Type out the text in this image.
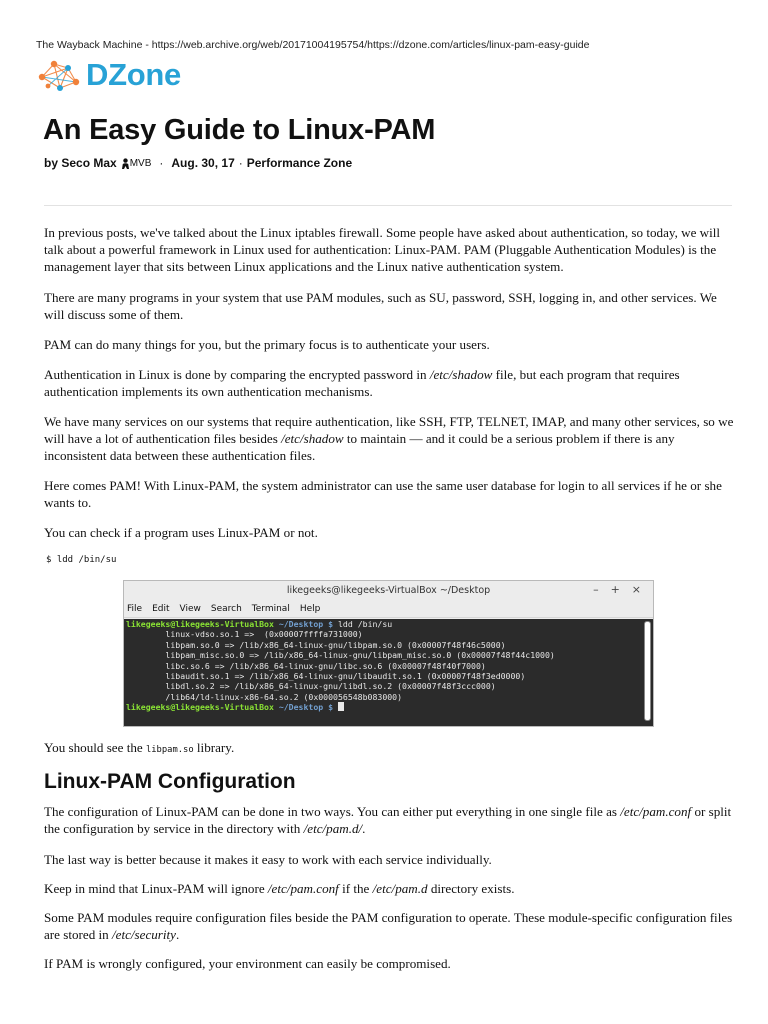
The Wayback Machine - https://web.archive.org/web/20171004195754/https://dzone.com/articles/linux-pam-easy-guide
DZone
An Easy Guide to Linux-PAM
by
Seco Max MVB · Aug. 30, 17 · Performance Zone

In previous posts, we've talked about the Linux iptables firewall. Some people have asked about authentication, so today, we will talk about a powerful framework in Linux used for authentication: Linux-PAM. PAM (Pluggable Authentication Modules) is the management layer that sits between Linux applications and the Linux native authentication system.

There are many programs in your system that use PAM modules, such as SU, password, SSH, logging in, and other services. We will discuss some of them.

PAM can do many things for you, but the primary focus is to authenticate your users.

Authentication in Linux is done by comparing the encrypted password in /etc/shadow file, but each program that requires authentication implements its own authentication mechanisms.

We have many services on our systems that require authentication, like SSH, FTP, TELNET, IMAP, and many other services, so we will have a lot of authentication files besides /etc/shadow to maintain — and it could be a serious problem if there is any inconsistent data between these authentication files.

Here comes PAM! With Linux-PAM, the system administrator can use the same user database for login to all services if he or she wants to.

You can check if a program uses Linux-PAM or not.

$ ldd /bin/su
likegeeks@likegeeks-VirtualBox ~/Desktop	– + ×
File Edit View Search Terminal Help
likegeeks@likegeeks-VirtualBox ~/Desktop $ ldd /bin/su
linux-vdso.so.1 =>  (0x00007ffffa731000)
libpam.so.0 => /lib/x86_64-linux-gnu/libpam.so.0 (0x00007f48f46c5000)
libpam_misc.so.0 => /lib/x86_64-linux-gnu/libpam_misc.so.0 (0x00007f48f44c1000)
libc.so.6 => /lib/x86_64-linux-gnu/libc.so.6 (0x00007f48f40f7000)
libaudit.so.1 => /lib/x86_64-linux-gnu/libaudit.so.1 (0x00007f48f3ed0000)
libdl.so.2 => /lib/x86_64-linux-gnu/libdl.so.2 (0x00007f48f3ccc000)
/lib64/ld-linux-x86-64.so.2 (0x000056548b083000)
likegeeks@likegeeks-VirtualBox ~/Desktop $

You should see the libpam.so library.

Linux-PAM Configuration

The configuration of Linux-PAM can be done in two ways. You can either put everything in one single file as /etc/pam.conf or split the configuration by service in the directory with /etc/pam.d/.

The last way is better because it makes it easy to work with each service individually.

Keep in mind that Linux-PAM will ignore /etc/pam.conf if the /etc/pam.d directory exists.

Some PAM modules require configuration files beside the PAM configuration to operate. These module-specific configuration files are stored in /etc/security.

If PAM is wrongly configured, your environment can easily be compromised.
